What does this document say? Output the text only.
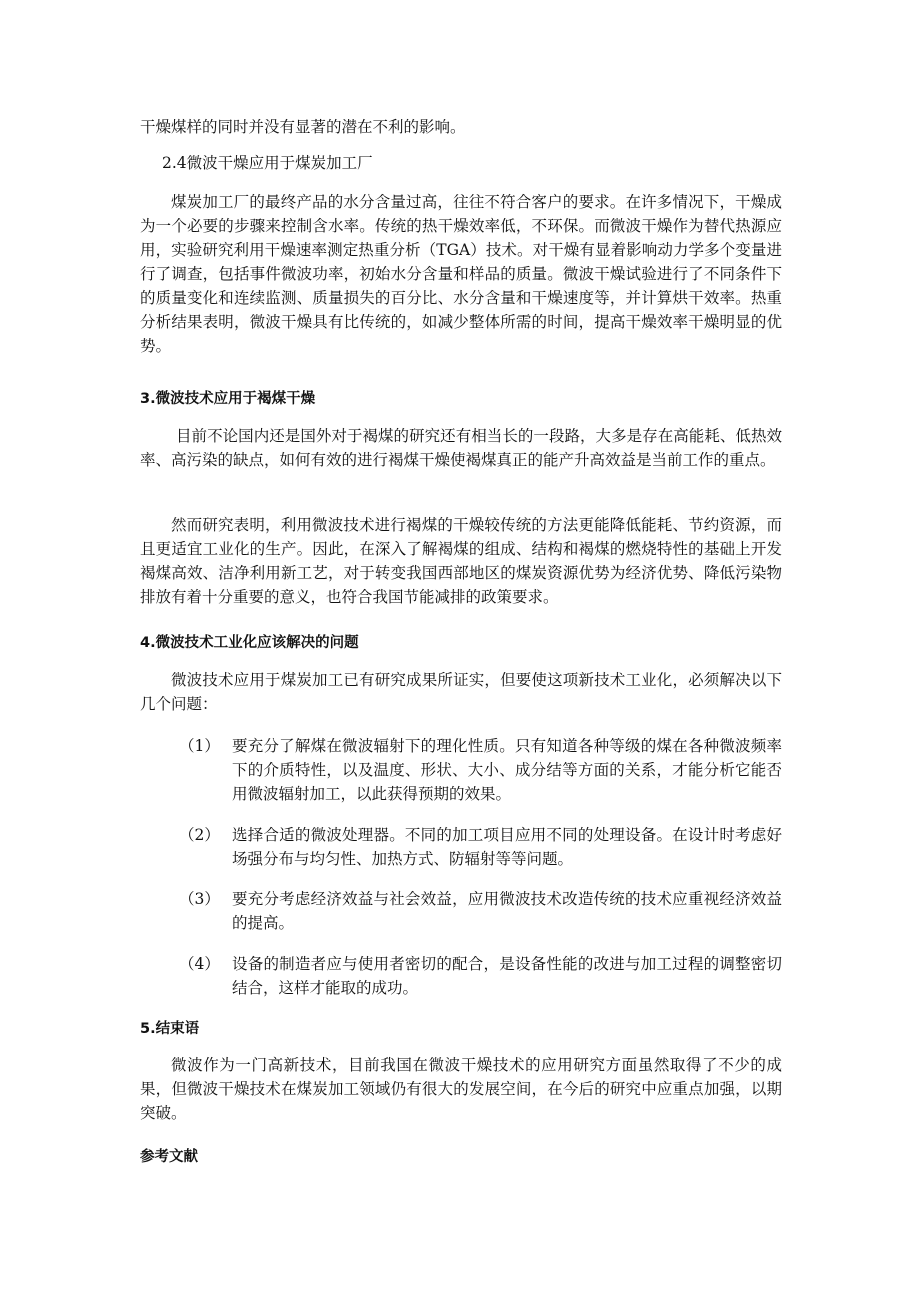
干燥煤样的同时并没有显著的潜在不利的影响。

2.4微波干燥应用于煤炭加工厂

煤炭加工厂的最终产品的水分含量过高，往往不符合客户的要求。在许多情况下，干燥成为一个必要的步骤来控制含水率。传统的热干燥效率低，不环保。而微波干燥作为替代热源应用，实验研究利用干燥速率测定热重分析（TGA）技术。对干燥有显着影响动力学多个变量进行了调查，包括事件微波功率，初始水分含量和样品的质量。微波干燥试验进行了不同条件下的质量变化和连续监测、质量损失的百分比、水分含量和干燥速度等，并计算烘干效率。热重分析结果表明，微波干燥具有比传统的，如减少整体所需的时间，提高干燥效率干燥明显的优势。

3.微波技术应用于褐煤干燥

目前不论国内还是国外对于褐煤的研究还有相当长的一段路，大多是存在高能耗、低热效率、高污染的缺点，如何有效的进行褐煤干燥使褐煤真正的能产升高效益是当前工作的重点。

然而研究表明，利用微波技术进行褐煤的干燥较传统的方法更能降低能耗、节约资源，而且更适宜工业化的生产。因此，在深入了解褐煤的组成、结构和褐煤的燃烧特性的基础上开发褐煤高效、洁净利用新工艺，对于转变我国西部地区的煤炭资源优势为经济优势、降低污染物排放有着十分重要的意义，也符合我国节能减排的政策要求。

4.微波技术工业化应该解决的问题

微波技术应用于煤炭加工已有研究成果所证实，但要使这项新技术工业化，必须解决以下几个问题：

（1） 要充分了解煤在微波辐射下的理化性质。只有知道各种等级的煤在各种微波频率下的介质特性，以及温度、形状、大小、成分结等方面的关系，才能分析它能否用微波辐射加工，以此获得预期的效果。
（2） 选择合适的微波处理器。不同的加工项目应用不同的处理设备。在设计时考虑好场强分布与均匀性、加热方式、防辐射等等问题。
（3） 要充分考虑经济效益与社会效益，应用微波技术改造传统的技术应重视经济效益的提高。
（4） 设备的制造者应与使用者密切的配合，是设备性能的改进与加工过程的调整密切结合，这样才能取的成功。

5.结束语

微波作为一门高新技术，目前我国在微波干燥技术的应用研究方面虽然取得了不少的成果，但微波干燥技术在煤炭加工领域仍有很大的发展空间，在今后的研究中应重点加强，以期突破。

参考文献
